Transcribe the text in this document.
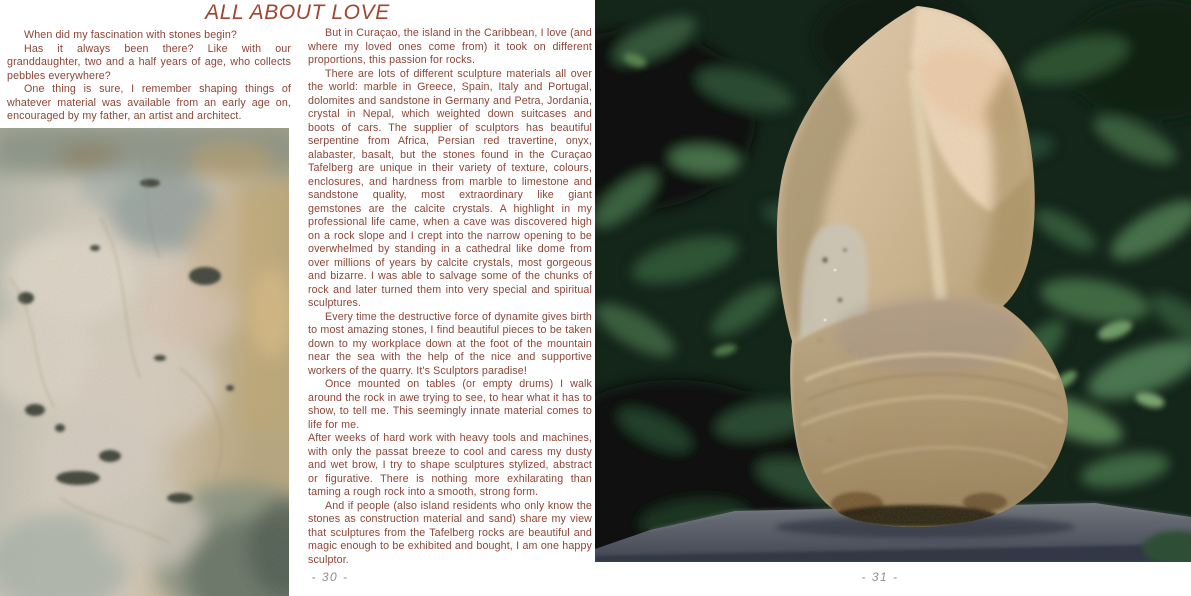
ALL ABOUT LOVE

When did my fascination with stones begin?

Has it always been there? Like with our granddaughter, two and a half years of age, who collects pebbles everywhere?

One thing is sure, I remember shaping things of whatever material was available from an early age on, encouraged by my father, an artist and architect.

But in Curaçao, the island in the Caribbean, I love (and where my loved ones come from) it took on different proportions, this passion for rocks.

There are lots of different sculpture materials all over the world: marble in Greece, Spain, Italy and Portugal, dolomites and sandstone in Germany and Petra, Jordania, crystal in Nepal, which weighted down suitcases and boots of cars. The supplier of sculptors has beautiful serpentine from Africa, Persian red travertine, onyx, alabaster, basalt, but the stones found in the Curaçao Tafelberg are unique in their variety of texture, colours, enclosures, and hardness from marble to limestone and sandstone quality, most extraordinary like giant gemstones are the calcite crystals. A highlight in my professional life came, when a cave was discovered high on a rock slope and I crept into the narrow opening to be overwhelmed by standing in a cathedral like dome from over millions of years by calcite crystals, most gorgeous and bizarre. I was able to salvage some of the chunks of rock and later turned them into very special and spiritual sculptures.

Every time the destructive force of dynamite gives birth to most amazing stones, I find beautiful pieces to be taken down to my workplace down at the foot of the mountain near the sea with the help of the nice and supportive workers of the quarry. It's Sculptors paradise!

Once mounted on tables (or empty drums) I walk around the rock in awe trying to see, to hear what it has to show, to tell me. This seemingly innate material comes to life for me.

After weeks of hard work with heavy tools and machines, with only the passat breeze to cool and caress my dusty and wet brow, I try to shape sculptures stylized, abstract or figurative. There is nothing more exhilarating than taming a rough rock into a smooth, strong form.

And if people (also island residents who only know the stones as construction material and sand) share my view that sculptures from the Tafelberg rocks are beautiful and magic enough to be exhibited and bought, I am one happy sculptor.

- 30 -	- 31 -
